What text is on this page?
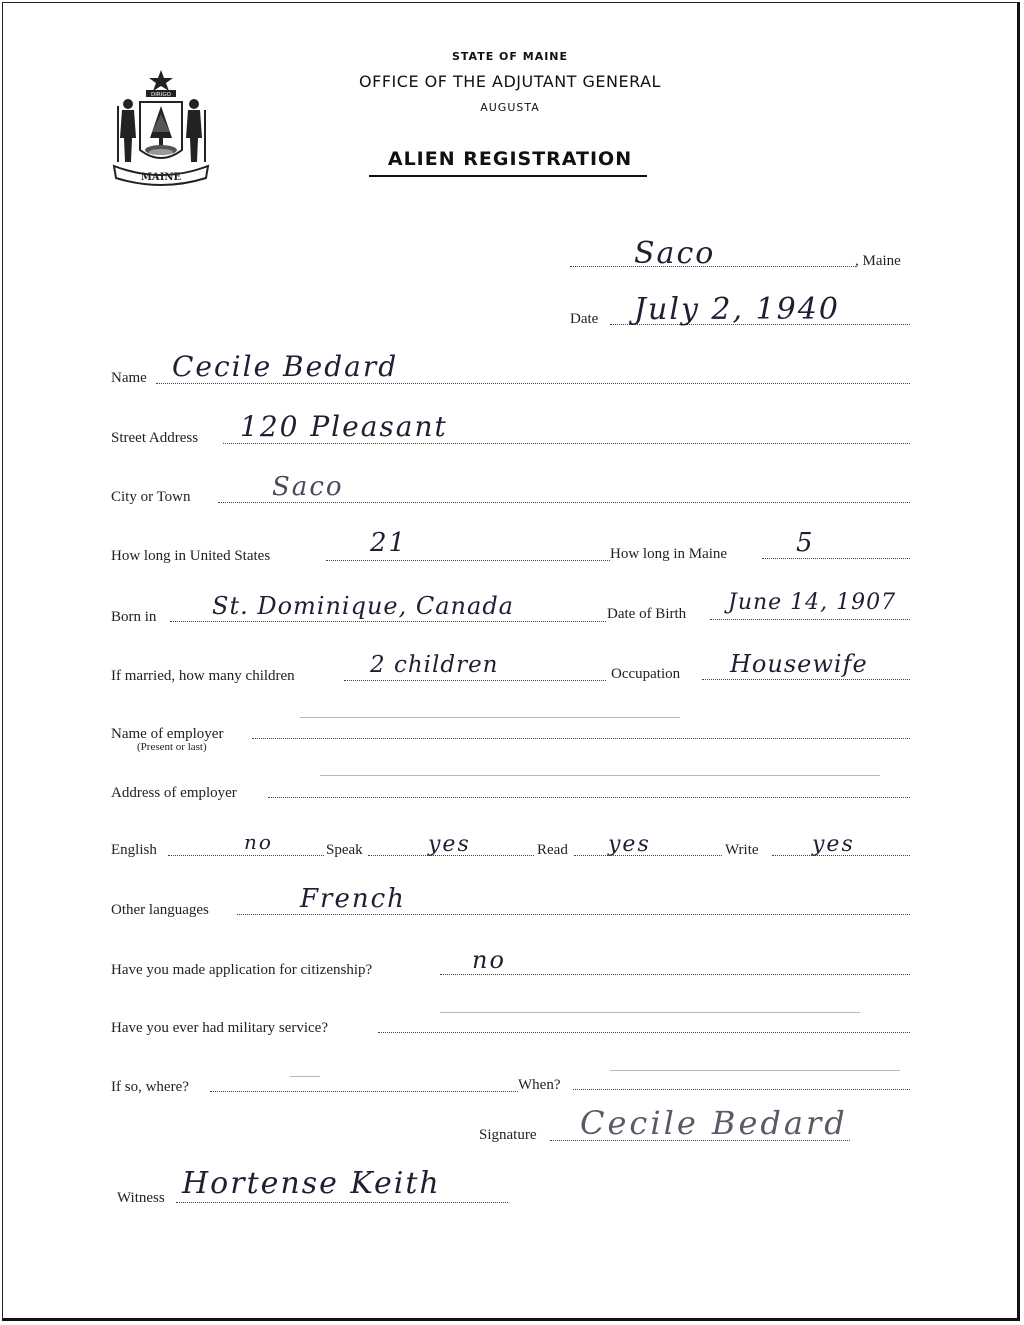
DIRIGO
MAINE
STATE OF MAINE
OFFICE OF THE ADJUTANT GENERAL
AUGUSTA
ALIEN REGISTRATION
Saco	, Maine
Date July 2, 1940
Name Cecile Bedard
Street Address 120 Pleasant
City or Town	Saco
How long in United States	21	How long in Maine	5
Born in St. Dominique, Canada	Date of Birth June 14, 1907
If married, how many children	2 children	Occupation Housewife
Name of employer
(Present or last)
Address of employer
English	no	Speak	yes	Read yes	Write yes
Other languages	French
Have you made application for citizenship?	no
Have you ever had military service?
If so, where?	When?
Signature Cecile Bedard
Witness Hortense Keith
